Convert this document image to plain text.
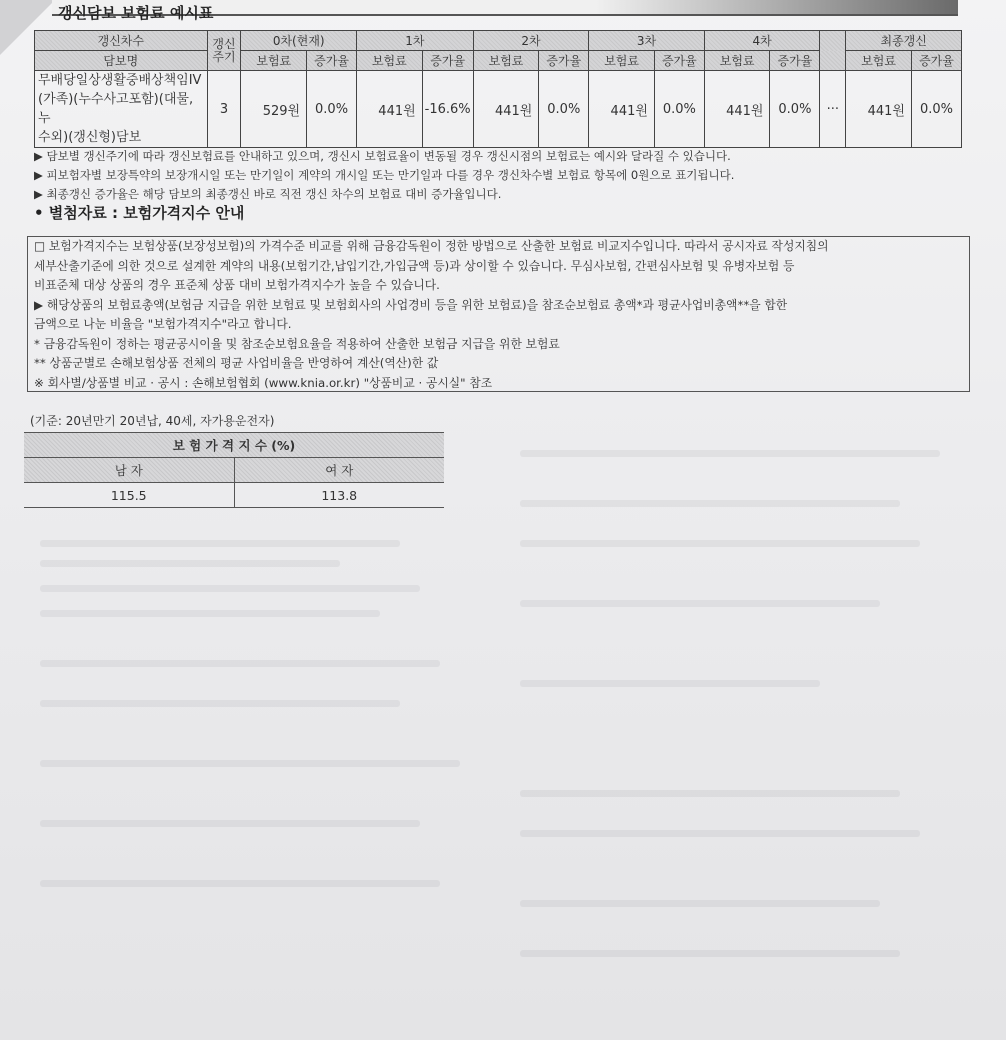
갱신담보 보험료 예시표
갱신차수	갱신주기	0차(현재)		1차		2차		3차		4차			최종갱신	
담보명		보험료	증가율	보험료	증가율	보험료	증가율	보험료	증가율	보험료	증가율		보험료	증가율

무배당일상생활중배상책임IV
(가족)(누수사고포함)(대물,누
수외)(갱신형)담보	3	529원	0.0%	441원	-16.6%	441원	0.0%	441원	0.0%	441원	0.0%	···	441원	0.0%
▶ 담보별 갱신주기에 따라 갱신보험료를 안내하고 있으며, 갱신시 보험료율이 변동될 경우 갱신시점의 보험료는 예시와 달라질 수 있습니다.
▶ 피보험자별 보장특약의 보장개시일 또는 만기일이 계약의 개시일 또는 만기일과 다를 경우 갱신차수별 보험료 항목에 0원으로 표기됩니다.
▶ 최종갱신 증가율은 해당 담보의 최종갱신 바로 직전 갱신 차수의 보험료 대비 증가율입니다.
• 별첨자료 : 보험가격지수 안내
□ 보험가격지수는 보험상품(보장성보험)의 가격수준 비교를 위해 금융감독원이 정한 방법으로 산출한 보험료 비교지수입니다. 따라서 공시자료 작성지침의
세부산출기준에 의한 것으로 설계한 계약의 내용(보험기간,납입기간,가입금액 등)과 상이할 수 있습니다. 무심사보험, 간편심사보험 및 유병자보험 등
비표준체 대상 상품의 경우 표준체 상품 대비 보험가격지수가 높을 수 있습니다.
▶ 해당상품의 보험료총액(보험금 지급을 위한 보험료 및 보험회사의 사업경비 등을 위한 보험료)을 참조순보험료 총액*과 평균사업비총액**을 합한
금액으로 나눈 비율을 "보험가격지수"라고 합니다.
* 금융감독원이 정하는 평균공시이율 및 참조순보험요율을 적용하여 산출한 보험금 지급을 위한 보험료
** 상품군별로 손해보험상품 전체의 평균 사업비율을 반영하여 계산(역산)한 값
※ 회사별/상품별 비교 · 공시 : 손해보험협회 (www.knia.or.kr) "상품비교 · 공시실" 참조
(기준: 20년만기 20년납, 40세, 자가용운전자)
보 험 가 격 지 수 (%)	
남 자	여 자
115.5	113.8
